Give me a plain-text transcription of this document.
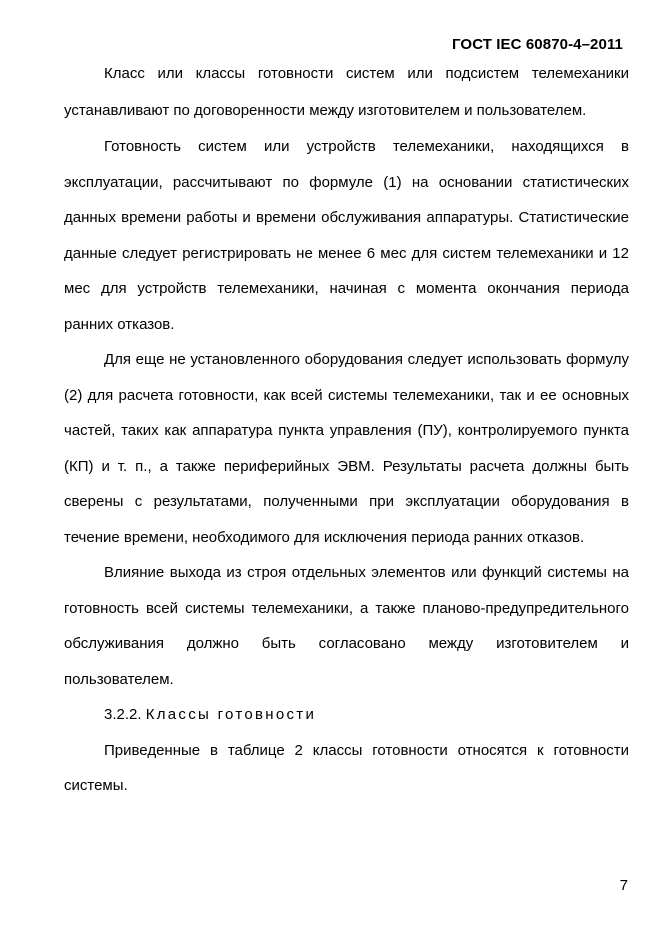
ГОСТ IEC 60870-4–2011

Класс или классы готовности систем или подсистем телемеханики устанавливают по договоренности между изготовителем и пользователем.

Готовность систем или устройств телемеханики, находящихся в эксплуатации, рассчитывают по формуле (1) на основании статистических данных времени работы и времени обслуживания аппаратуры. Статистические данные следует регистрировать не менее 6 мес для систем телемеханики и 12 мес для устройств телемеханики, начиная с момента окончания периода ранних отказов.

Для еще не установленного оборудования следует использовать формулу (2) для расчета готовности, как всей системы телемеханики, так и ее основных частей, таких как аппаратура пункта управления (ПУ), контролируемого пункта (КП) и т. п., а также периферийных ЭВМ. Результаты расчета должны быть сверены с результатами, полученными при эксплуатации оборудования в течение времени, необходимого для исключения периода ранних отказов.

Влияние выхода из строя отдельных элементов или функций системы на готовность всей системы телемеханики, а также планово-предупредительного обслуживания должно быть согласовано между изготовителем и пользователем.

3.2.2. Классы готовности

Приведенные в таблице 2 классы готовности относятся к готовности системы.

7
